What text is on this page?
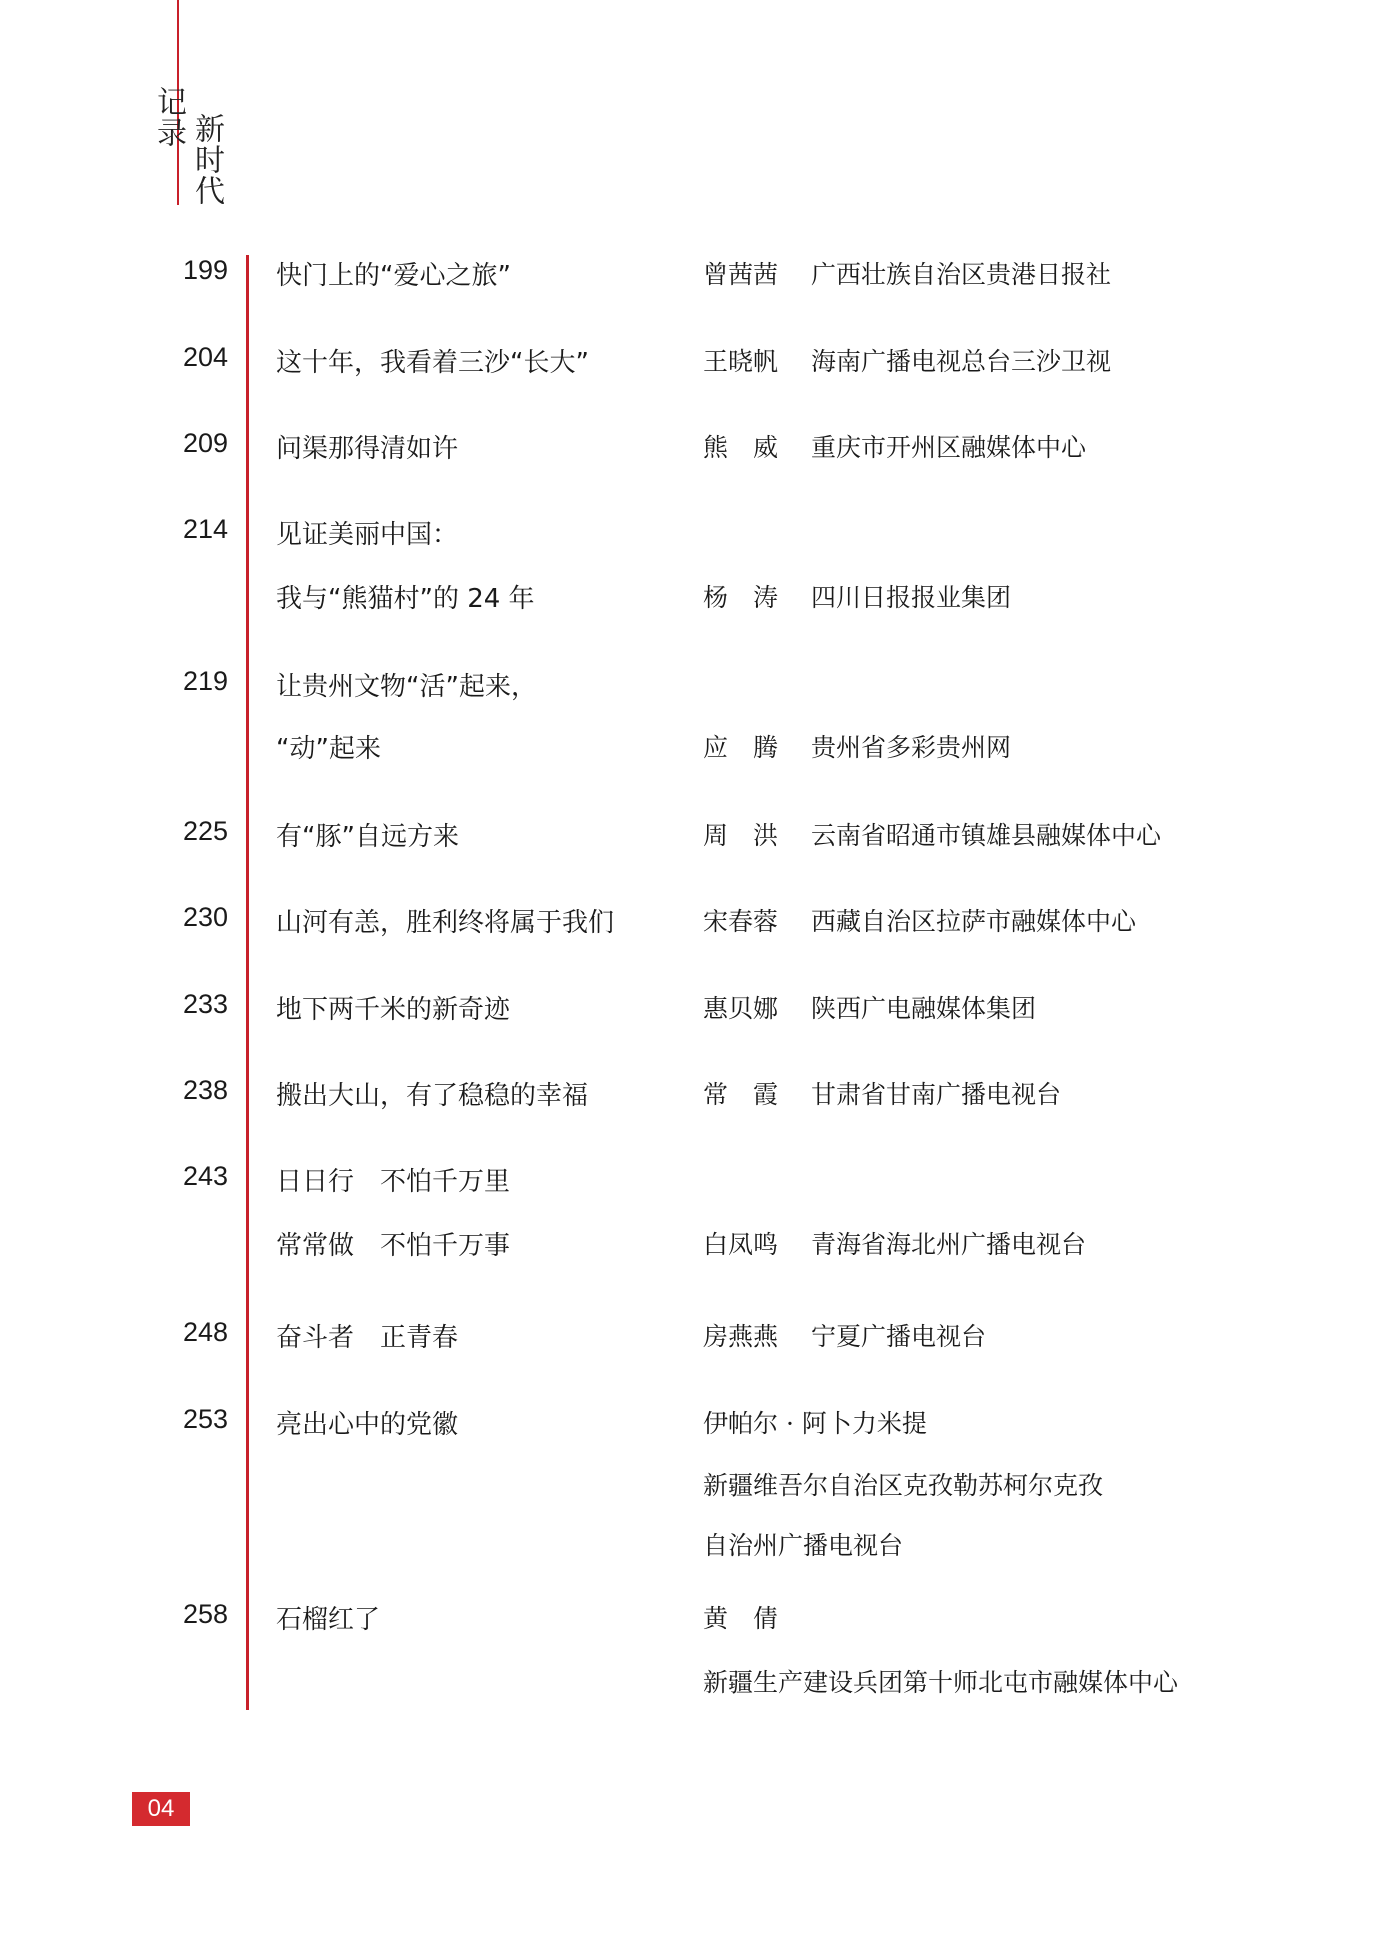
记录 新时代
199 快门上的“爱心之旅”	曾茜茜	广西壮族自治区贵港日报社
204 这十年，我看着三沙“长大”	王晓帆	海南广播电视总台三沙卫视
209 问渠那得清如许	熊　威	重庆市开州区融媒体中心
214 见证美丽中国：
我与“熊猫村”的 24 年	杨　涛	四川日报报业集团
219 让贵州文物“活”起来，
“动”起来	应　腾	贵州省多彩贵州网
225 有“豚”自远方来	周　洪	云南省昭通市镇雄县融媒体中心
230 山河有恙，胜利终将属于我们	宋春蓉	西藏自治区拉萨市融媒体中心
233 地下两千米的新奇迹	惠贝娜	陕西广电融媒体集团
238 搬出大山，有了稳稳的幸福	常　霞	甘肃省甘南广播电视台
243 日日行　不怕千万里
常常做　不怕千万事	白凤鸣	青海省海北州广播电视台
248 奋斗者　正青春	房燕燕	宁夏广播电视台
253 亮出心中的党徽	伊帕尔 · 阿卜力米提
新疆维吾尔自治区克孜勒苏柯尔克孜
自治州广播电视台
258 石榴红了	黄　倩
新疆生产建设兵团第十师北屯市融媒体中心
04
